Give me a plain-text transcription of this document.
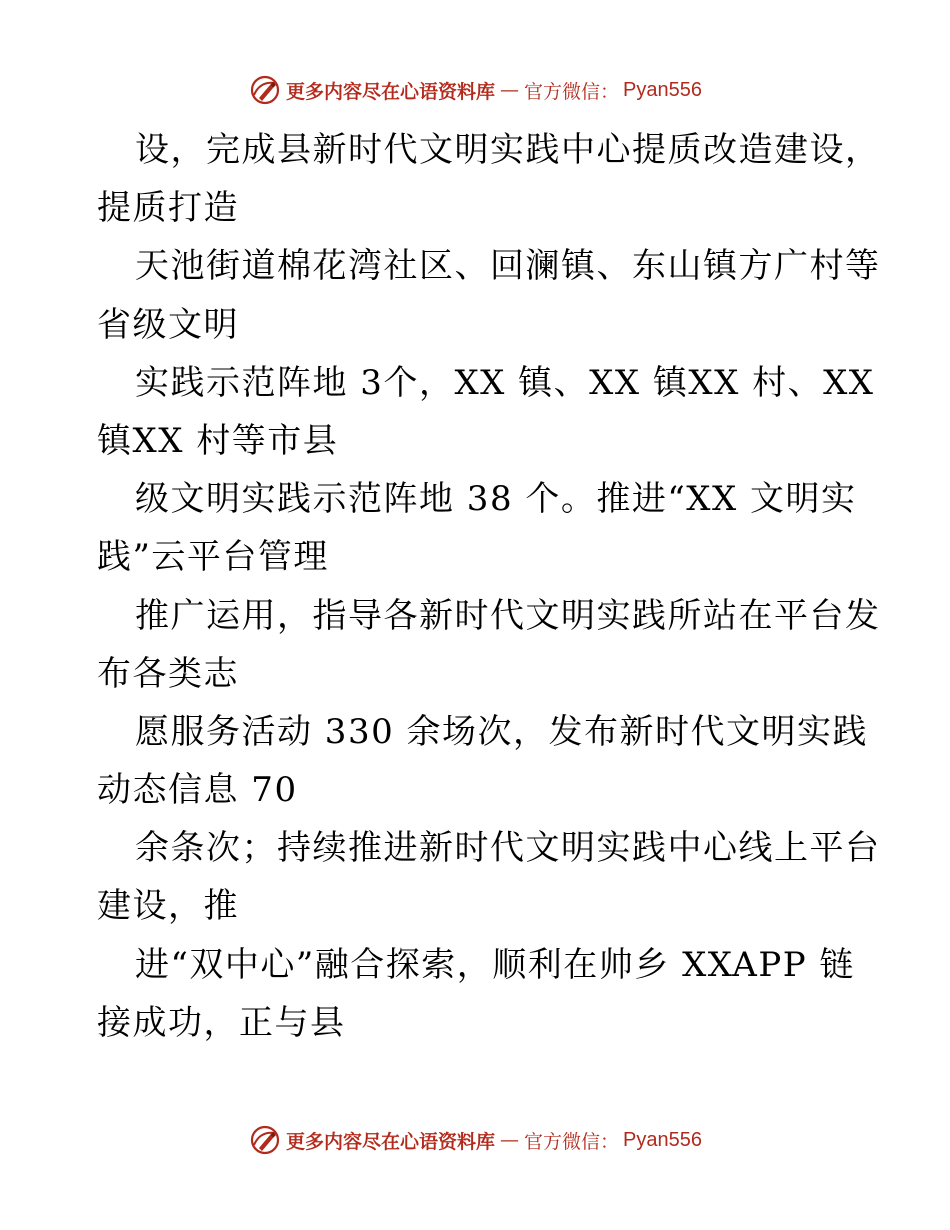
更多内容尽在心语资料库 — 官方微信： Pyan556
设，完成县新时代文明实践中心提质改造建设，
提质打造
天池街道棉花湾社区、回澜镇、东山镇方广村等
省级文明
实践示范阵地 3个，XX 镇、XX 镇XX 村、XX
镇XX 村等市县
级文明实践示范阵地 38 个。推进“XX 文明实
践”云平台管理
推广运用，指导各新时代文明实践所站在平台发
布各类志
愿服务活动 330 余场次，发布新时代文明实践
动态信息 70
余条次；持续推进新时代文明实践中心线上平台
建设，推
进“双中心”融合探索，顺利在帅乡 XXAPP 链
接成功，正与县
更多内容尽在心语资料库 — 官方微信： Pyan556
